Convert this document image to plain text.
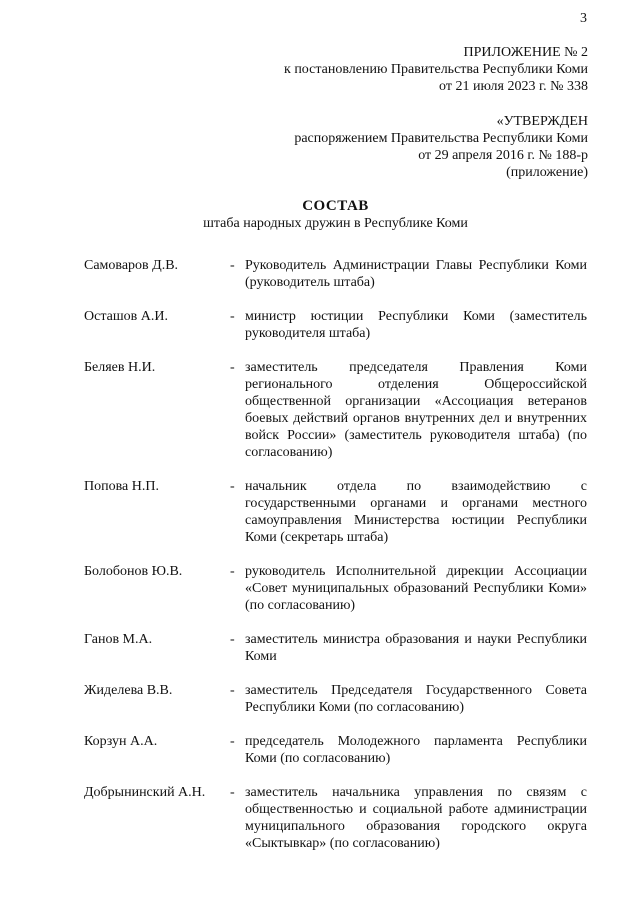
3
ПРИЛОЖЕНИЕ № 2
к постановлению Правительства Республики Коми
от 21 июля 2023 г. № 338
«УТВЕРЖДЕН
распоряжением Правительства Республики Коми
от 29 апреля 2016 г. № 188-р
(приложение)
СОСТАВ
штаба народных дружин в Республике Коми
Самоваров Д.В.	- Руководитель Администрации Главы Республики Коми (руководитель штаба)
Осташов А.И.	- министр юстиции Республики Коми (заместитель руководителя штаба)
Беляев Н.И.	- заместитель председателя Правления Коми регионального отделения Общероссийской общественной организации «Ассоциация ветеранов боевых действий органов внутренних дел и внутренних войск России» (заместитель руководителя штаба) (по согласованию)
Попова Н.П.	- начальник отдела по взаимодействию с государственными органами и органами местного самоуправления Министерства юстиции Республики Коми (секретарь штаба)
Болобонов Ю.В.	- руководитель Исполнительной дирекции Ассоциации «Совет муниципальных образований Республики Коми» (по согласованию)
Ганов М.А.	- заместитель министра образования и науки Республики Коми
Жиделева В.В.	- заместитель Председателя Государственного Совета Республики Коми (по согласованию)
Корзун А.А.	- председатель Молодежного парламента Республики Коми (по согласованию)
Добрынинский А.Н.	- заместитель начальника управления по связям с общественностью и социальной работе администрации муниципального образования городского округа «Сыктывкар» (по согласованию)
